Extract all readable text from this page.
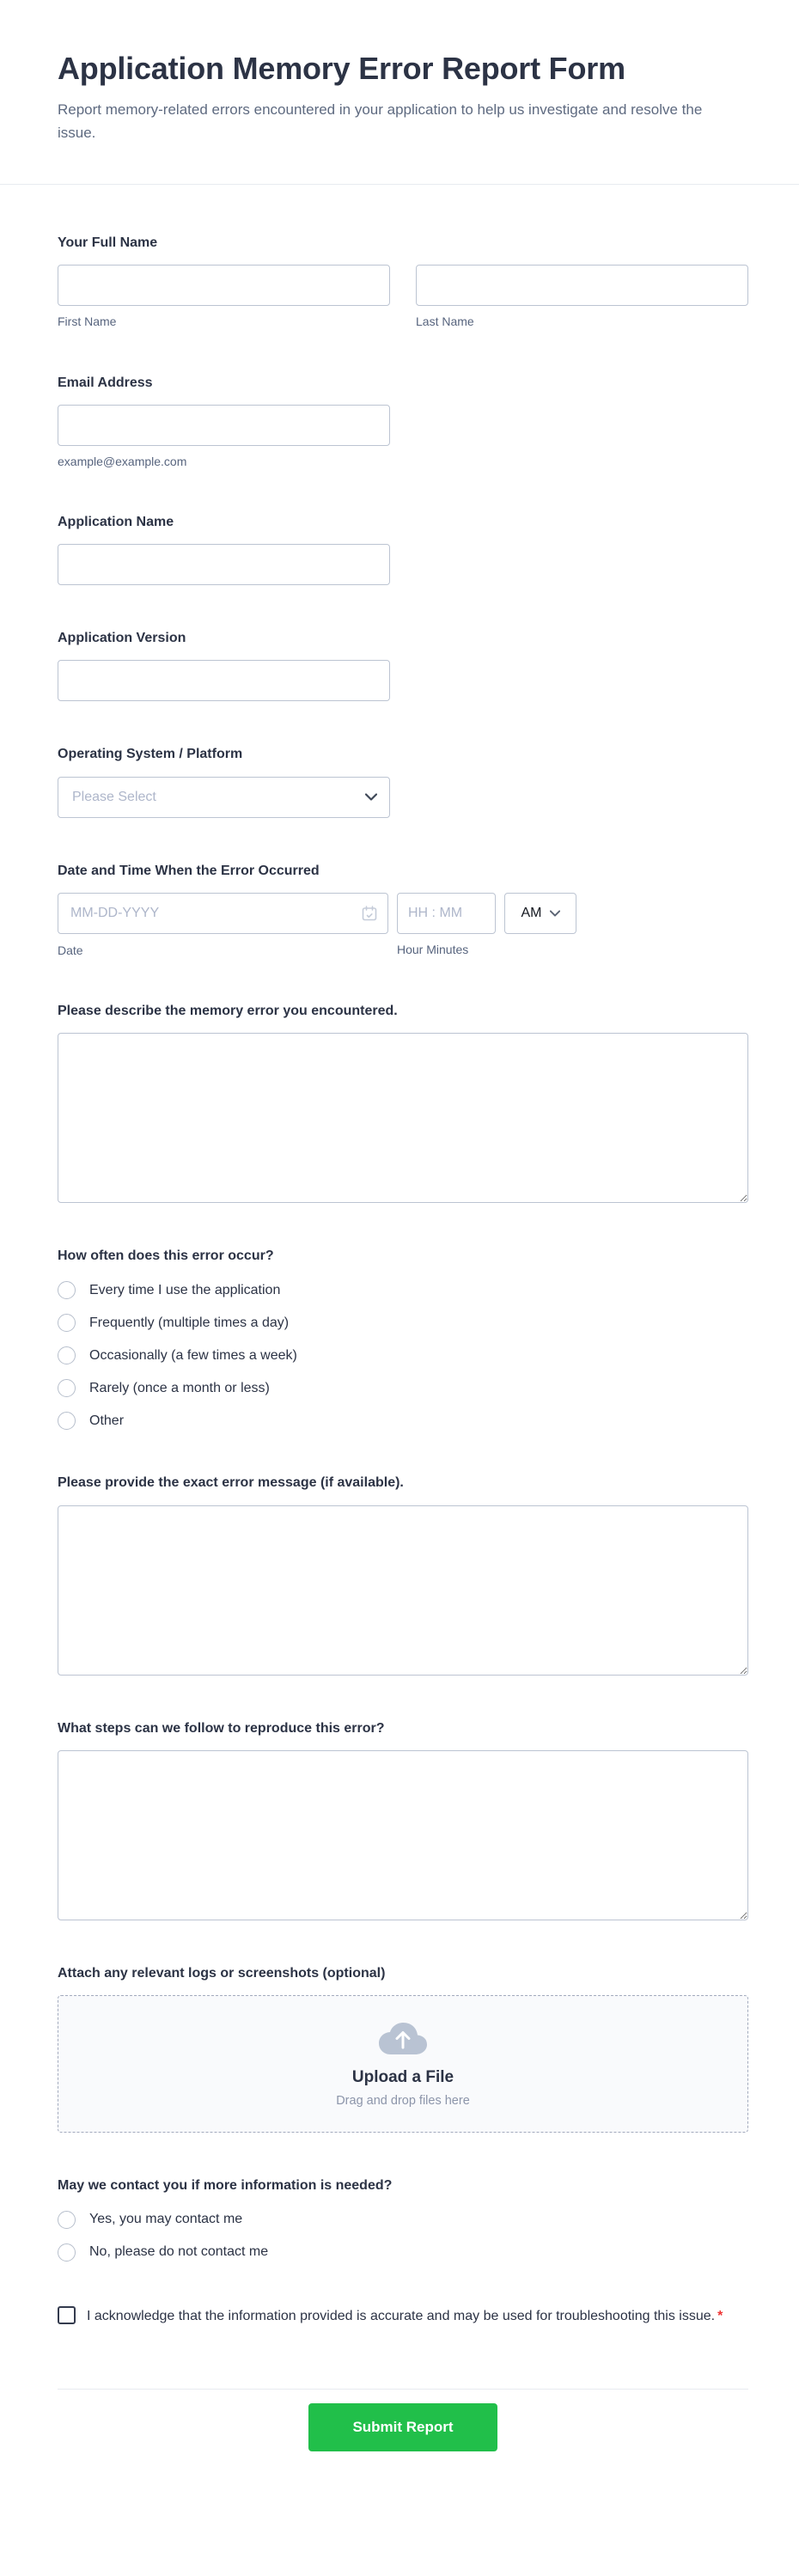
Application Memory Error Report Form

Report memory-related errors encountered in your application to help us investigate and resolve the issue.

Your Full Name
First Name	Last Name
Email Address
example@example.com
Application Name
Application Version
Operating System / Platform
Please Select
Date and Time When the Error Occurred
MM-DD-YYYY
HH : MM
AM
Hour Minutes
Date
Please describe the memory error you encountered.
How often does this error occur?
Every time I use the application
Frequently (multiple times a day)
Occasionally (a few times a week)
Rarely (once a month or less)
Other
Please provide the exact error message (if available).
What steps can we follow to reproduce this error?
Attach any relevant logs or screenshots (optional)
Upload a File
Drag and drop files here
May we contact you if more information is needed?
Yes, you may contact me
No, please do not contact me
I acknowledge that the information provided is accurate and may be used for troubleshooting this issue. *
Submit Report
